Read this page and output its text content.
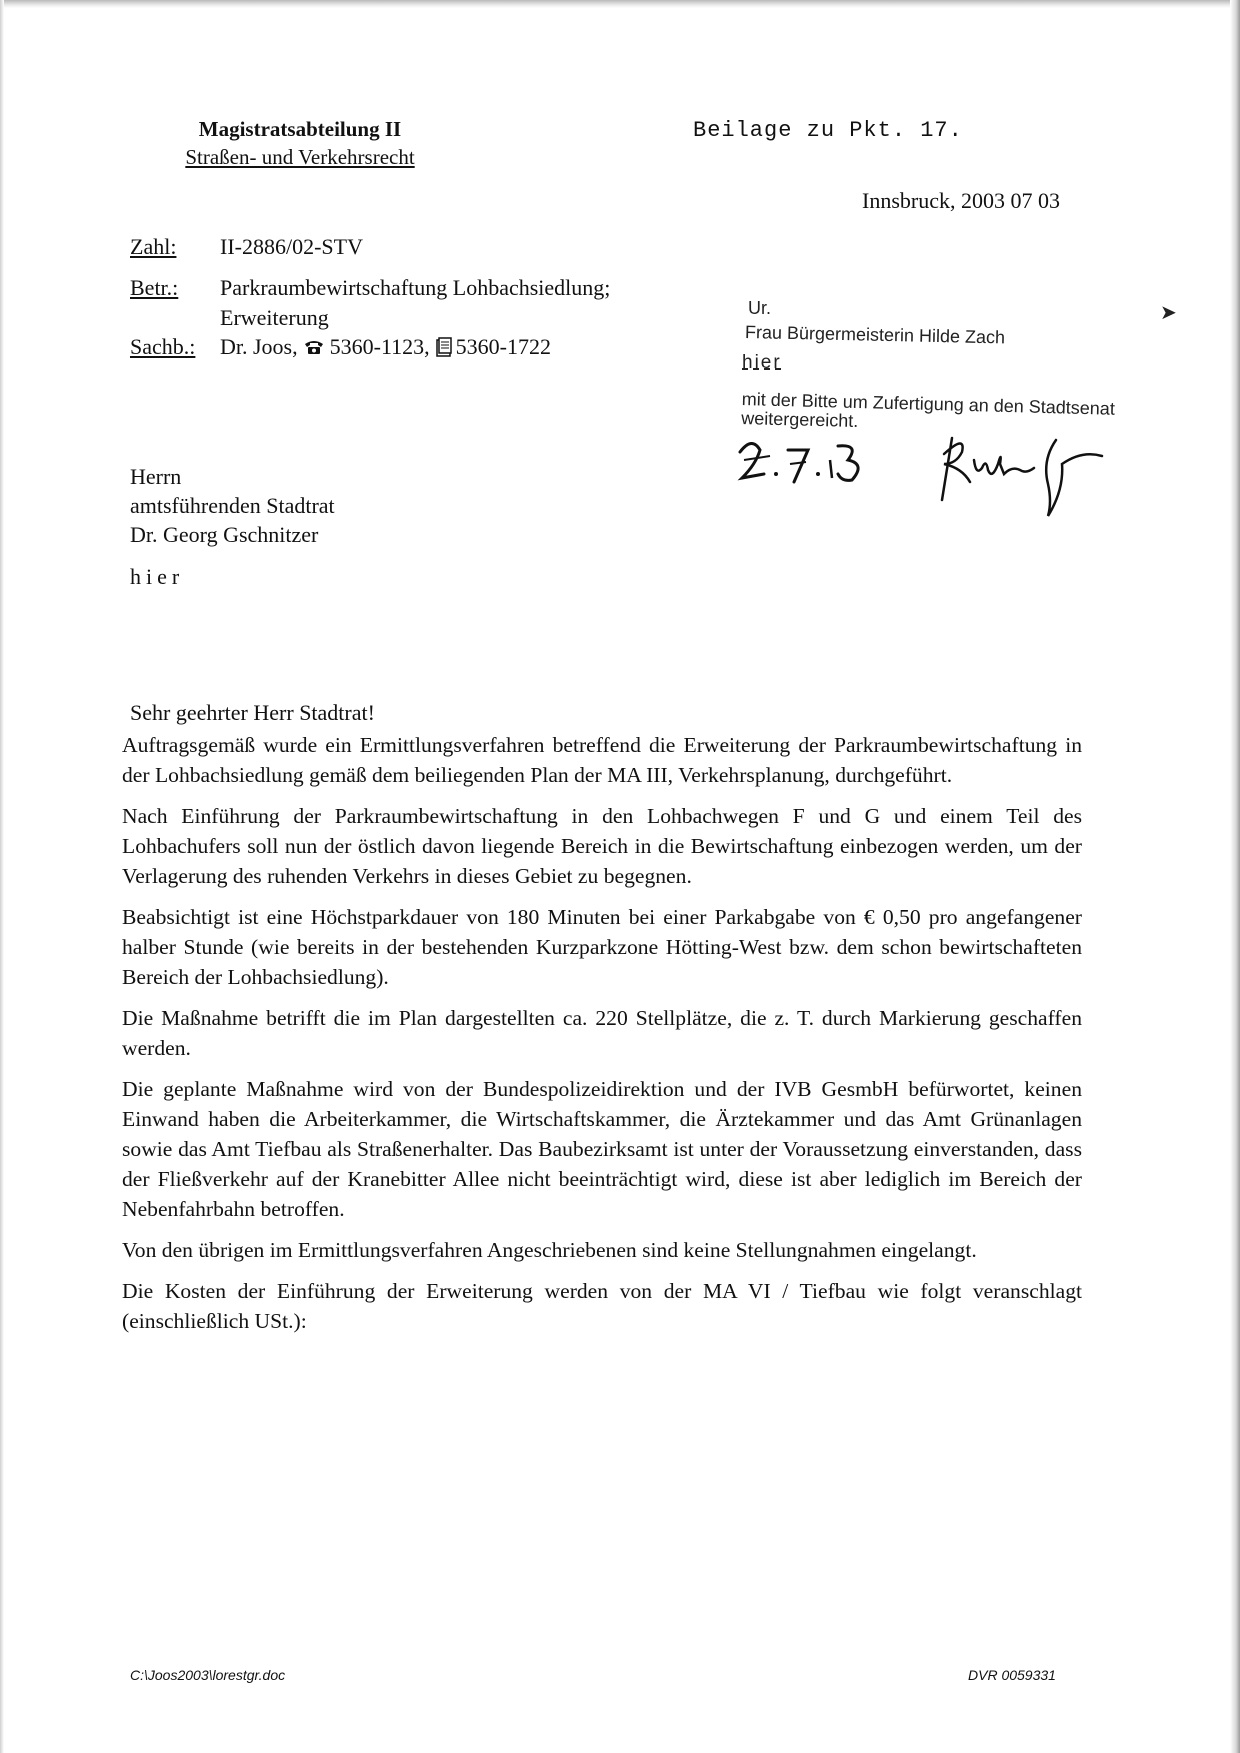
Magistratsabteilung II
Straßen- und Verkehrsrecht
Beilage zu Pkt. 17.
Innsbruck, 2003 07 03
Zahl: II-2886/02-STV
Betr.: Parkraumbewirtschaftung Lohbachsiedlung;
Erweiterung
Sachb.: Dr. Joos, 5360-1123, 5360-1722
Ur.
Frau Bürgermeisterin Hilde Zach
hier
mit der Bitte um Zufertigung an den Stadtsenat weitergereicht.
➤
Herrn
amtsführenden Stadtrat
Dr. Georg Gschnitzer
hier
Sehr geehrter Herr Stadtrat!

Auftragsgemäß wurde ein Ermittlungsverfahren betreffend die Erweiterung der Parkraumbewirtschaftung in der Lohbachsiedlung gemäß dem beiliegenden Plan der MA III, Verkehrsplanung, durchgeführt.

Nach Einführung der Parkraumbewirtschaftung in den Lohbachwegen F und G und einem Teil des Lohbachufers soll nun der östlich davon liegende Bereich in die Bewirtschaftung einbezogen werden, um der Verlagerung des ruhenden Verkehrs in dieses Gebiet zu begegnen.

Beabsichtigt ist eine Höchstparkdauer von 180 Minuten bei einer Parkabgabe von € 0,50 pro angefangener halber Stunde (wie bereits in der bestehenden Kurzparkzone Hötting-West bzw. dem schon bewirtschafteten Bereich der Lohbachsiedlung).

Die Maßnahme betrifft die im Plan dargestellten ca. 220 Stellplätze, die z. T. durch Markierung geschaffen werden.

Die geplante Maßnahme wird von der Bundespolizeidirektion und der IVB GesmbH befürwortet, keinen Einwand haben die Arbeiterkammer, die Wirtschaftskammer, die Ärztekammer und das Amt Grünanlagen sowie das Amt Tiefbau als Straßenerhalter. Das Baubezirksamt ist unter der Voraussetzung einverstanden, dass der Fließverkehr auf der Kranebitter Allee nicht beeinträchtigt wird, diese ist aber lediglich im Bereich der Nebenfahrbahn betroffen.

Von den übrigen im Ermittlungsverfahren Angeschriebenen sind keine Stellungnahmen eingelangt.

Die Kosten der Einführung der Erweiterung werden von der MA VI / Tiefbau wie folgt veranschlagt (einschließlich USt.):

C:\Joos2003\lorestgr.doc	DVR 0059331
